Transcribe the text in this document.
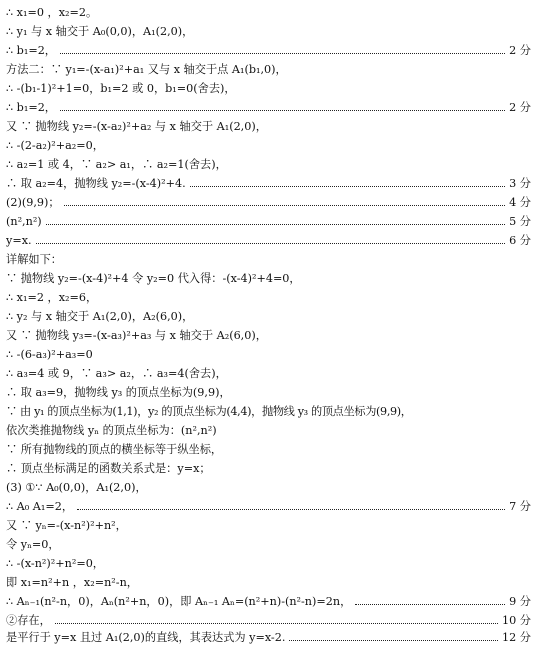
∴ x₁=0 ，x₂=2。
∴ y₁ 与 x 轴交于 A₀(0,0)，A₁(2,0)，
∴ b₁=2，	2 分
方法二：∵ y₁=-(x-a₁)²+a₁ 又与 x 轴交于点 A₁(b₁,0)，
∴ -(b₁-1)²+1=0，b₁=2 或 0，b₁=0(舍去)，
∴ b₁=2，	2 分
又 ∵ 抛物线 y₂=-(x-a₂)²+a₂ 与 x 轴交于 A₁(2,0)，
∴ -(2-a₂)²+a₂=0，
∴ a₂=1 或 4，∵ a₂> a₁，∴ a₂=1(舍去)，
∴ 取 a₂=4，抛物线 y₂=-(x-4)²+4.	3 分
(2)(9,9)；	4 分
(n²,n²)	5 分
y=x.	6 分
详解如下：
∵ 抛物线 y₂=-(x-4)²+4 令 y₂=0 代入得：-(x-4)²+4=0，
∴ x₁=2 ，x₂=6，
∴ y₂ 与 x 轴交于 A₁(2,0)，A₂(6,0)，
又 ∵ 抛物线 y₃=-(x-a₃)²+a₃ 与 x 轴交于 A₂(6,0)，
∴ -(6-a₃)²+a₃=0
∴ a₃=4 或 9，∵ a₃> a₂，∴ a₃=4(舍去)，
∴ 取 a₃=9，抛物线 y₃ 的顶点坐标为(9,9)，
∵ 由 y₁ 的顶点坐标为(1,1)，y₂ 的顶点坐标为(4,4)，抛物线 y₃ 的顶点坐标为(9,9)，
依次类推抛物线 yₙ 的顶点坐标为：(n²,n²)
∵ 所有抛物线的顶点的横坐标等于纵坐标，
∴ 顶点坐标满足的函数关系式是：y=x；
(3) ①∵ A₀(0,0)，A₁(2,0)，
∴ A₀ A₁=2，	7 分
又 ∵ yₙ=-(x-n²)²+n²，
令 yₙ=0，
∴ -(x-n²)²+n²=0，
即 x₁=n²+n ，x₂=n²-n，
∴ Aₙ₋₁(n²-n，0)，Aₙ(n²+n，0)，即 Aₙ₋₁ Aₙ=(n²+n)-(n²-n)=2n，	9 分
②存在，	10 分
是平行于 y=x 且过 A₁(2,0)的直线，其表达式为 y=x-2.	12 分
